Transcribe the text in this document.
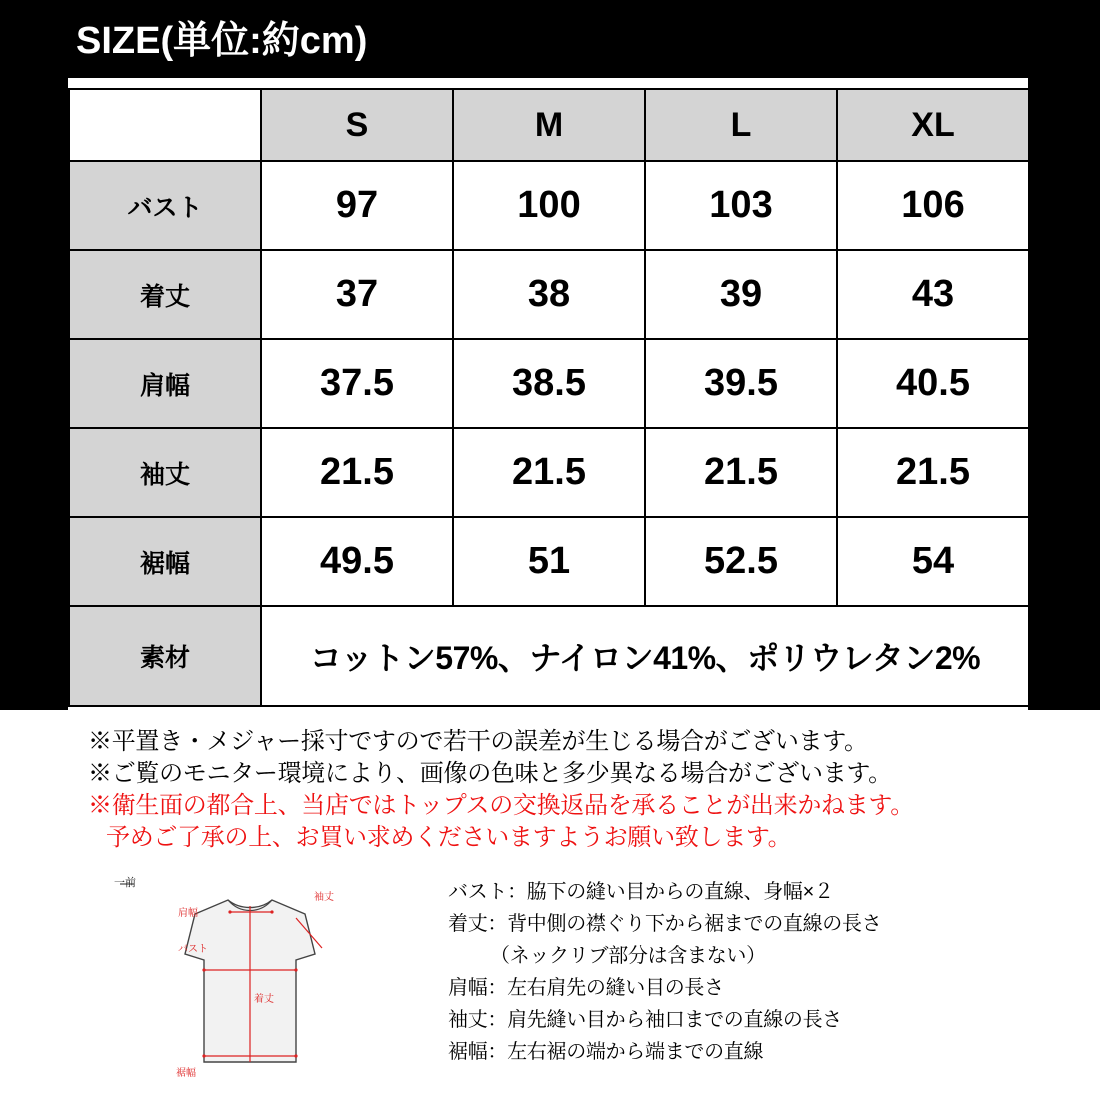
SIZE(単位:約cm)
	S	M	L	XL
バスト	97	100	103	106
着丈	37	38	39	43
肩幅	37.5	38.5	39.5	40.5
袖丈	21.5	21.5	21.5	21.5
裾幅	49.5	51	52.5	54
素材	コットン57%、ナイロン41%、ポリウレタン2%			
※平置き・メジャー採寸ですので若干の誤差が生じる場合がございます。
※ご覧のモニター環境により、画像の色味と多少異なる場合がございます。
※衛生面の都合上、当店ではトップスの交換返品を承ることが出来かねます。
予めご了承の上、お買い求めくださいますようお願い致します。
一前
袖丈
肩幅
バスト
着丈
裾幅
バスト：脇下の縫い目からの直線、身幅×２
着丈：背中側の襟ぐり下から裾までの直線の長さ
（ネックリブ部分は含まない）
肩幅：左右肩先の縫い目の長さ
袖丈：肩先縫い目から袖口までの直線の長さ
裾幅：左右裾の端から端までの直線
